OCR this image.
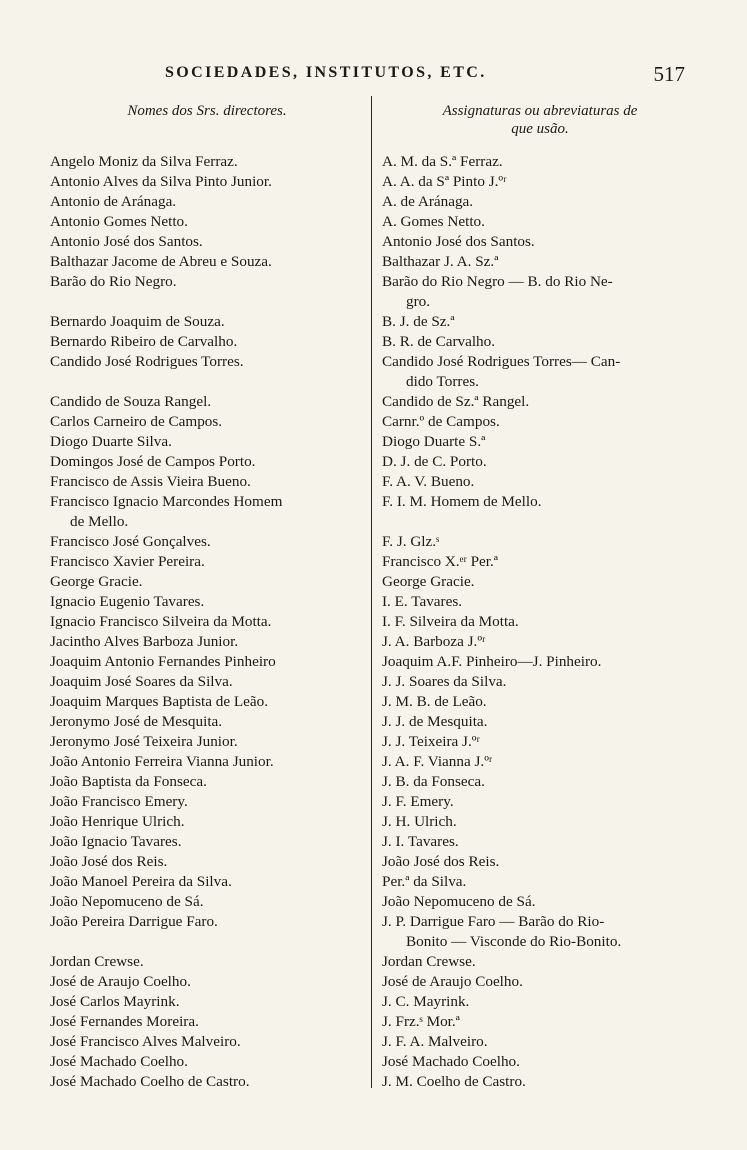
SOCIEDADES, INSTITUTOS, ETC.	517
Nomes dos Srs. directores.	Assignaturas ou abreviaturas de
que usão.
Angelo Moniz da Silva Ferraz.
Antonio Alves da Silva Pinto Junior.
Antonio de Aránaga.
Antonio Gomes Netto.
Antonio José dos Santos.
Balthazar Jacome de Abreu e Souza.
Barão do Rio Negro.
Bernardo Joaquim de Souza.
Bernardo Ribeiro de Carvalho.
Candido José Rodrigues Torres.
Candido de Souza Rangel.
Carlos Carneiro de Campos.
Diogo Duarte Silva.
Domingos José de Campos Porto.
Francisco de Assis Vieira Bueno.
Francisco Ignacio Marcondes Homem
de Mello.
Francisco José Gonçalves.
Francisco Xavier Pereira.
George Gracie.
Ignacio Eugenio Tavares.
Ignacio Francisco Silveira da Motta.
Jacintho Alves Barboza Junior.
Joaquim Antonio Fernandes Pinheiro
Joaquim José Soares da Silva.
Joaquim Marques Baptista de Leão.
Jeronymo José de Mesquita.
Jeronymo José Teixeira Junior.
João Antonio Ferreira Vianna Junior.
João Baptista da Fonseca.
João Francisco Emery.
João Henrique Ulrich.
João Ignacio Tavares.
João José dos Reis.
João Manoel Pereira da Silva.
João Nepomuceno de Sá.
João Pereira Darrigue Faro.
Jordan Crewse.
José de Araujo Coelho.
José Carlos Mayrink.
José Fernandes Moreira.
José Francisco Alves Malveiro.
José Machado Coelho.
José Machado Coelho de Castro.
A. M. da S.ª Ferraz.
A. A. da Sª Pinto J.ºʳ
A. de Aránaga.
A. Gomes Netto.
Antonio José dos Santos.
Balthazar J. A. Sz.ª
Barão do Rio Negro — B. do Rio Ne-
gro.
B. J. de Sz.ª
B. R. de Carvalho.
Candido José Rodrigues Torres— Can-
dido Torres.
Candido de Sz.ª Rangel.
Carnr.º de Campos.
Diogo Duarte S.ª
D. J. de C. Porto.
F. A. V. Bueno.
F. I. M. Homem de Mello.
F. J. Glz.ˢ
Francisco X.ᵉʳ Per.ª
George Gracie.
I. E. Tavares.
I. F. Silveira da Motta.
J. A. Barboza J.ºʳ
Joaquim A.F. Pinheiro—J. Pinheiro.
J. J. Soares da Silva.
J. M. B. de Leão.
J. J. de Mesquita.
J. J. Teixeira J.ºʳ
J. A. F. Vianna J.ºʳ
J. B. da Fonseca.
J. F. Emery.
J. H. Ulrich.
J. I. Tavares.
João José dos Reis.
Per.ª da Silva.
João Nepomuceno de Sá.
J. P. Darrigue Faro — Barão do Rio-
Bonito — Visconde do Rio-Bonito.
Jordan Crewse.
José de Araujo Coelho.
J. C. Mayrink.
J. Frz.ˢ Mor.ª
J. F. A. Malveiro.
José Machado Coelho.
J. M. Coelho de Castro.
